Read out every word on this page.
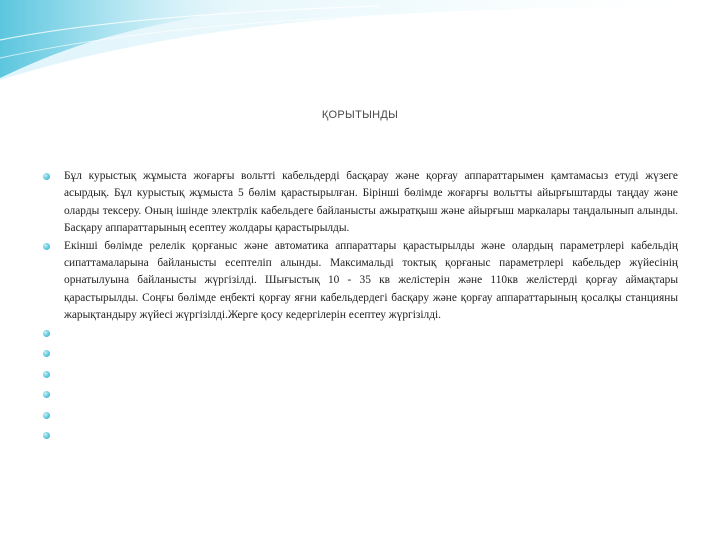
ҚОРЫТЫНДЫ
Бұл курыстық жұмыста жоғарғы вольтті кабельдерді басқарау және қорғау аппараттарымен қамтамасыз етуді жүзеге асырдық. Бұл курыстық жұмыста 5 бөлім қарастырылған. Бірінші бөлімде жоғарғы вольтты айырғыштарды таңдау және оларды тексеру. Оның ішінде электрлік кабельдеге байланысты ажыратқыш және айырғыш маркалары таңдалынып алынды. Басқару аппараттарының есептеу жолдары қарастырылды.
Екінші бөлімде релелік қорғаныс және автоматика аппараттары қарастырылды және олардың параметрлері кабельдің сипаттамаларына байланысты есептеліп алынды. Максимальді токтық қорғаныс параметрлері кабельдер жүйесінің орнатылуына байланысты жүргізілді. Шығыстық 10 - 35 кв желістерін және 110кв желістерді қорғау аймақтары қарастырылды. Соңғы бөлімде еңбекті қорғау яғни кабельдердегі басқару және қорғау аппараттарының қосалқы станцияны жарықтандыру жүйесі жүргізілді.Жерге қосу кедергілерін есептеу жүргізілді.
